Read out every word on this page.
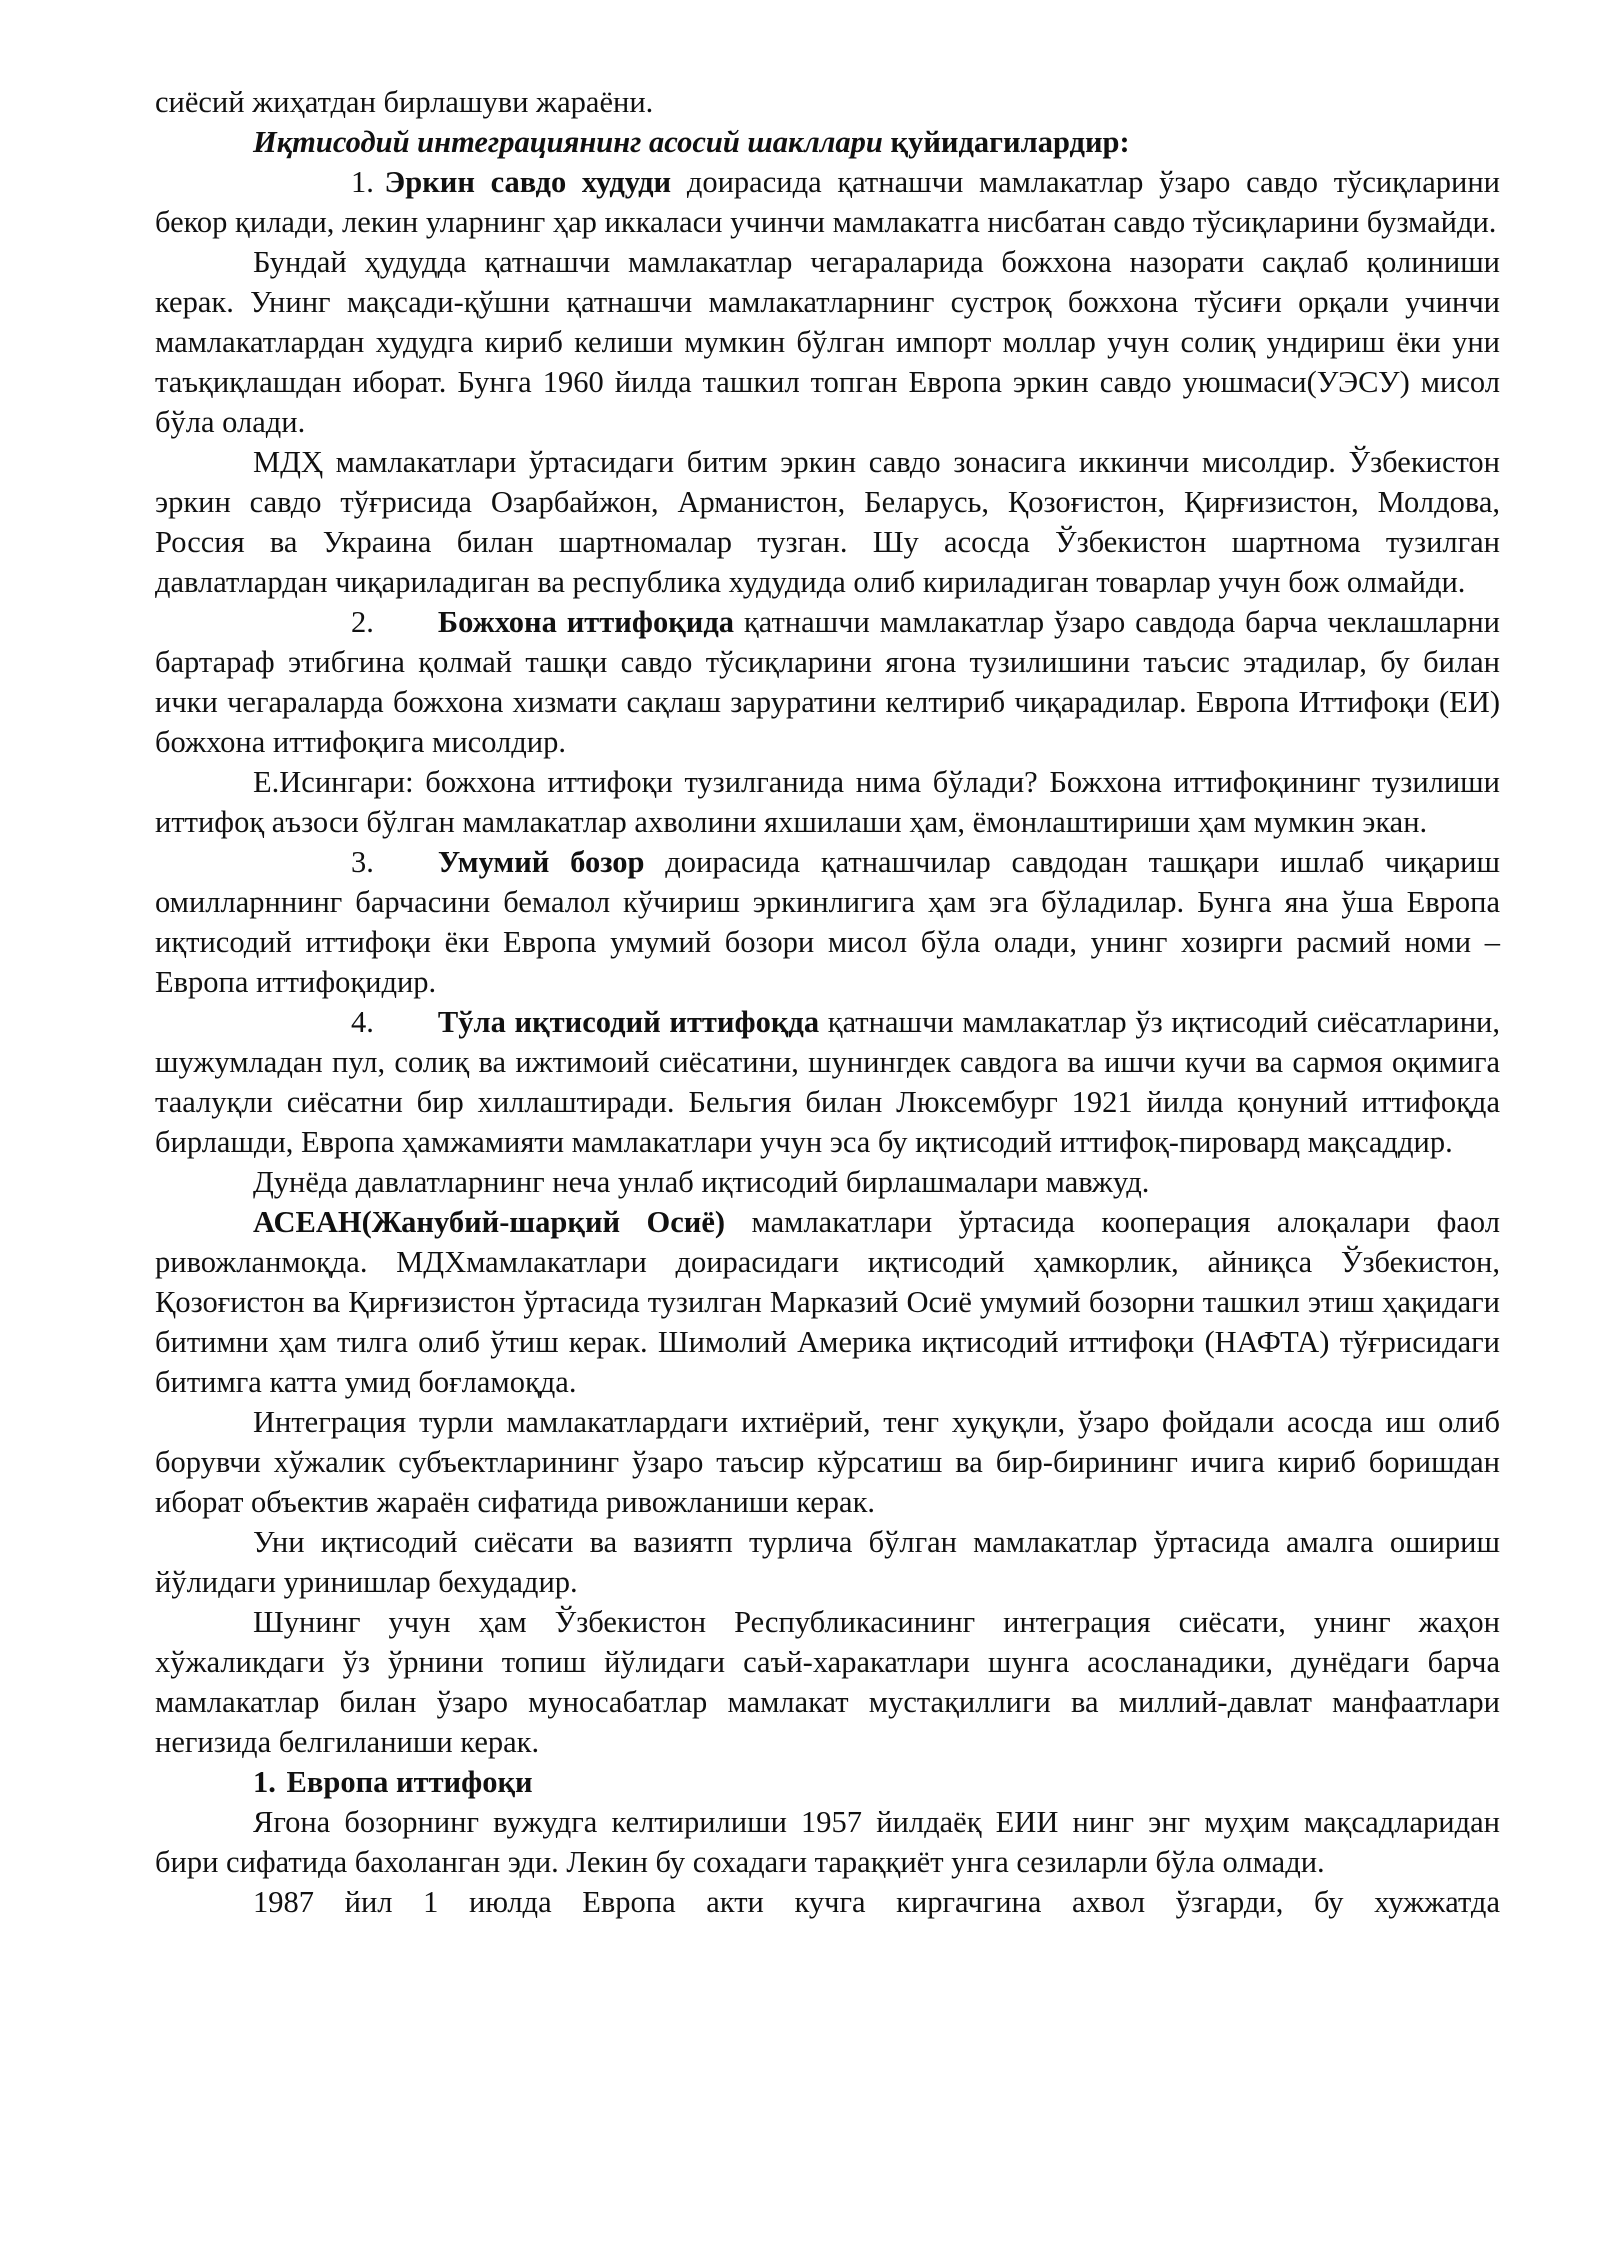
сиёсий жиҳатдан бирлашуви жараёни.

Иқтисодий интеграциянинг асосий шакллари қуйидагилардир:

1. Эркин савдо худуди доирасида қатнашчи мамлакатлар ўзаро савдо тўсиқларини бекор қилади, лекин уларнинг ҳар иккаласи учинчи мамлакатга нисбатан савдо тўсиқларини бузмайди.

Бундай ҳудудда қатнашчи мамлакатлар чегараларида божхона назорати сақлаб қолиниши керак. Унинг мақсади-қўшни қатнашчи мамлакатларнинг сустроқ божхона тўсиғи орқали учинчи мамлакатлардан худудга кириб келиши мумкин бўлган импорт моллар учун солиқ ундириш ёки уни таъқиқлашдан иборат. Бунга 1960 йилда ташкил топган Европа эркин савдо уюшмаси(УЭСУ) мисол бўла олади.

МДҲ мамлакатлари ўртасидаги битим эркин савдо зонасига иккинчи мисолдир. Ўзбекистон эркин савдо тўғрисида Озарбайжон, Арманистон, Беларусь, Қозоғистон, Қирғизистон, Молдова, Россия ва Украина билан шартномалар тузган. Шу асосда Ўзбекистон шартнома тузилган давлатлардан чиқариладиган ва республика худудида олиб кириладиган товарлар учун бож олмайди.

2. Божхона иттифоқида қатнашчи мамлакатлар ўзаро савдода барча чеклашларни бартараф этибгина қолмай ташқи савдо тўсиқларини ягона тузилишини таъсис этадилар, бу билан ички чегараларда божхона хизмати сақлаш заруратини келтириб чиқарадилар. Европа Иттифоқи (ЕИ) божхона иттифоқига мисолдир.

Е.Исингари: божхона иттифоқи тузилганида нима бўлади? Божхона иттифоқининг тузилиши иттифоқ аъзоси бўлган мамлакатлар ахволини яхшилаши ҳам, ёмонлаштириши ҳам мумкин экан.

3. Умумий бозор доирасида қатнашчилар савдодан ташқари ишлаб чиқариш омилларннинг барчасини бемалол кўчириш эркинлигига ҳам эга бўладилар. Бунга яна ўша Европа иқтисодий иттифоқи ёки Европа умумий бозори мисол бўла олади, унинг хозирги расмий номи – Европа иттифоқидир.

4. Тўла иқтисодий иттифоқда қатнашчи мамлакатлар ўз иқтисодий сиёсатларини, шужумладан пул, солиқ ва ижтимоий сиёсатини, шунингдек савдога ва ишчи кучи ва сармоя оқимига таалуқли сиёсатни бир хиллаштиради. Бельгия билан Люксембург 1921 йилда қонуний иттифоқда бирлашди, Европа ҳамжамияти мамлакатлари учун эса бу иқтисодий иттифоқ-пировард мақсаддир.

Дунёда давлатларнинг неча унлаб иқтисодий бирлашмалари мавжуд.

АСЕАН(Жанубий-шарқий Осиё) мамлакатлари ўртасида кооперация алоқалари фаол ривожланмоқда. МДХмамлакатлари доирасидаги иқтисодий ҳамкорлик, айниқса Ўзбекистон, Қозоғистон ва Қирғизистон ўртасида тузилган Марказий Осиё умумий бозорни ташкил этиш ҳақидаги битимни ҳам тилга олиб ўтиш керак. Шимолий Америка иқтисодий иттифоқи (НАФТА) тўғрисидаги битимга катта умид боғламоқда.

Интеграция турли мамлакатлардаги ихтиёрий, тенг хуқуқли, ўзаро фойдали асосда иш олиб борувчи хўжалик субъектларининг ўзаро таъсир кўрсатиш ва бир-бирининг ичига кириб боришдан иборат объектив жараён сифатида ривожланиши керак.

Уни иқтисодий сиёсати ва вазиятп турлича бўлган мамлакатлар ўртасида амалга ошириш йўлидаги уринишлар бехудадир.

Шунинг учун ҳам Ўзбекистон Республикасининг интеграция сиёсати, унинг жаҳон хўжаликдаги ўз ўрнини топиш йўлидаги саъй-харакатлари шунга асосланадики, дунёдаги барча мамлакатлар билан ўзаро муносабатлар мамлакат мустақиллиги ва миллий-давлат манфаатлари негизида белгиланиши керак.

1. Европа иттифоқи

Ягона бозорнинг вужудга келтирилиши 1957 йилдаёқ ЕИИ нинг энг муҳим мақсадларидан бири сифатида бахоланган эди. Лекин бу сохадаги тараққиёт унга сезиларли бўла олмади.

1987 йил 1 июлда Европа акти кучга киргачгина ахвол ўзгарди, бу хужжатда
